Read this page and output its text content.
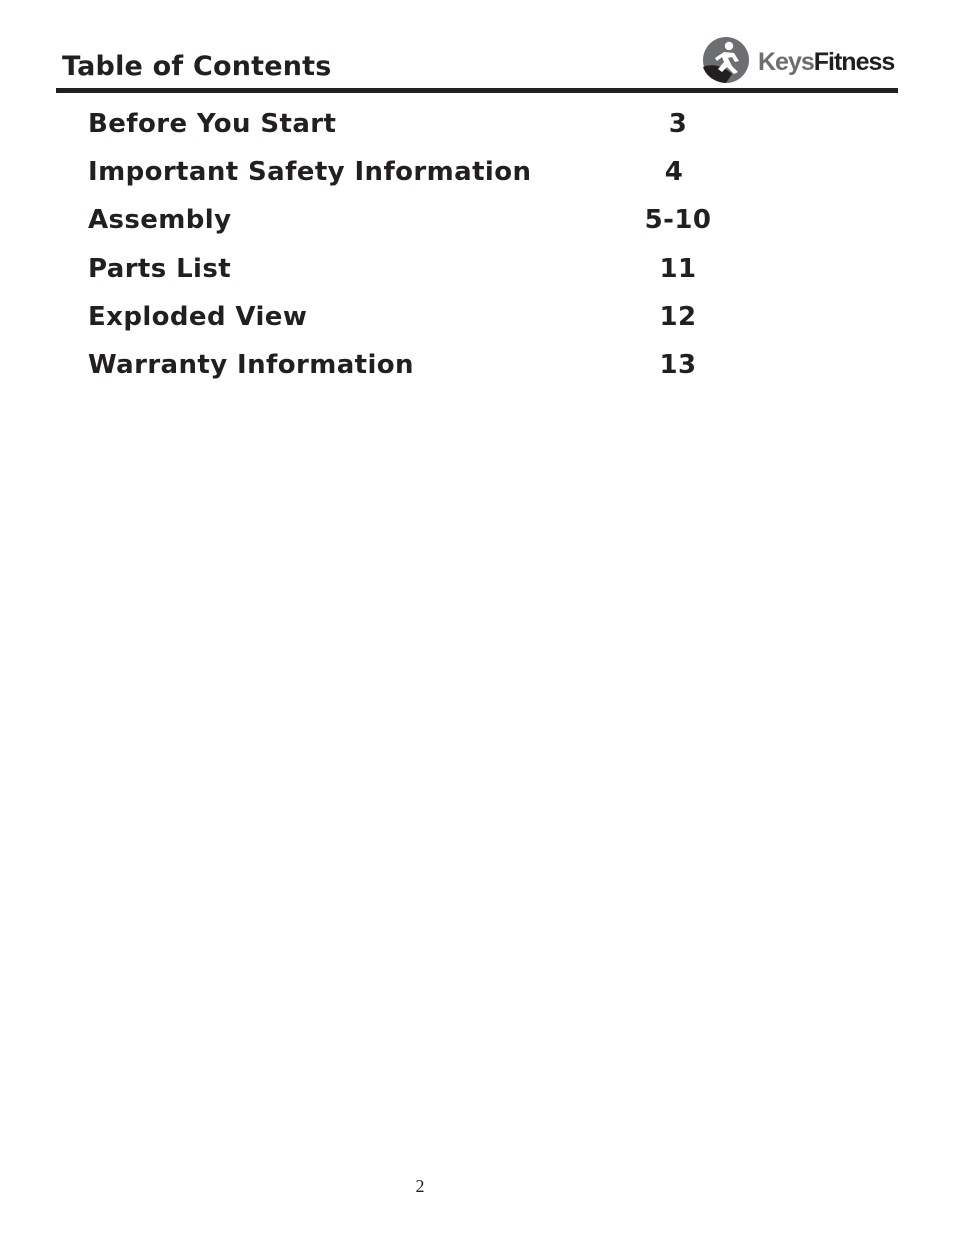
Table of Contents	KeysFitness
Before You Start	3
Important Safety Information	4
Assembly	5-10
Parts List	11
Exploded View	12
Warranty Information	13
2
